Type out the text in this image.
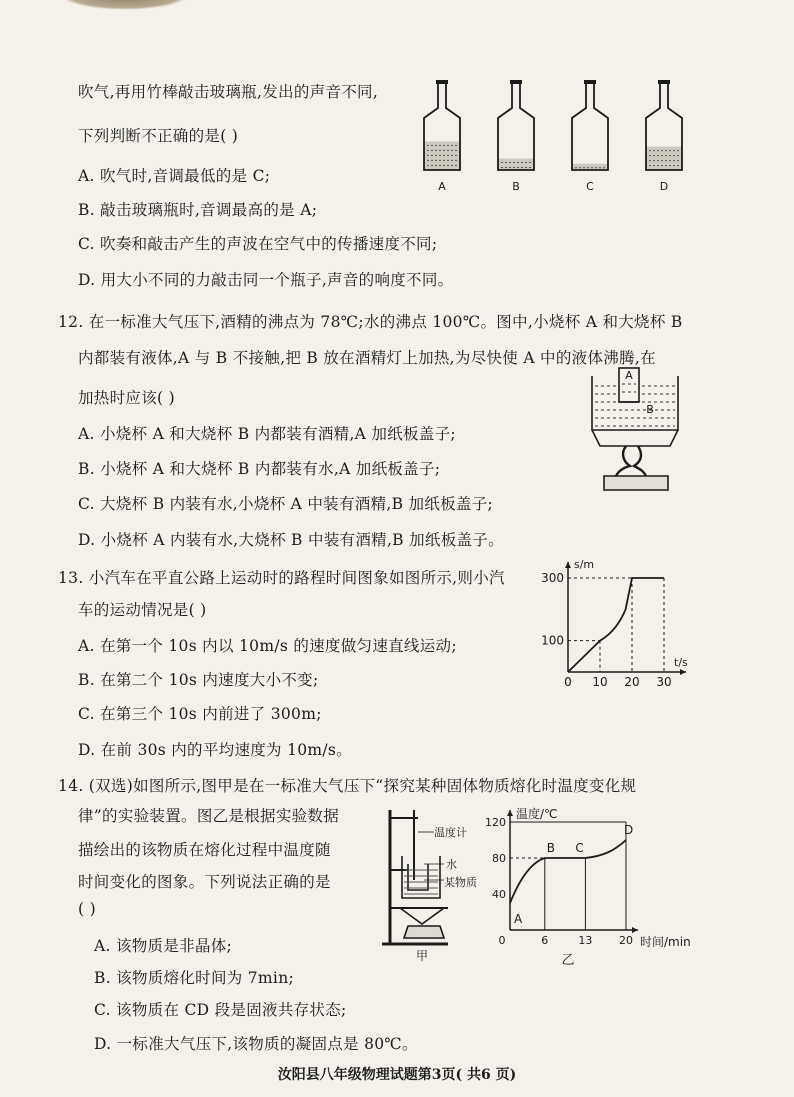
吹气,再用竹棒敲击玻璃瓶,发出的声音不同,
下列判断不正确的是( )
A. 吹气时,音调最低的是 C;
B. 敲击玻璃瓶时,音调最高的是 A;
C. 吹奏和敲击产生的声波在空气中的传播速度不同;
D. 用大小不同的力敲击同一个瓶子,声音的响度不同。
A	B	C	D
12. 在一标准大气压下,酒精的沸点为 78℃;水的沸点 100℃。图中,小烧杯 A 和大烧杯 B
内都装有液体,A 与 B 不接触,把 B 放在酒精灯上加热,为尽快使 A 中的液体沸腾,在
加热时应该( )
A. 小烧杯 A 和大烧杯 B 内都装有酒精,A 加纸板盖子;
B. 小烧杯 A 和大烧杯 B 内都装有水,A 加纸板盖子;
C. 大烧杯 B 内装有水,小烧杯 A 中装有酒精,B 加纸板盖子;
D. 小烧杯 A 内装有水,大烧杯 B 中装有酒精,B 加纸板盖子。
A
B
13. 小汽车在平直公路上运动时的路程时间图象如图所示,则小汽
车的运动情况是( )
A. 在第一个 10s 内以 10m/s 的速度做匀速直线运动;
B. 在第二个 10s 内速度大小不变;
C. 在第三个 10s 内前进了 300m;
D. 在前 30s 内的平均速度为 10m/s。
s/m
t/s
0 10 20 30
100
300
14. (双选)如图所示,图甲是在一标准大气压下“探究某种固体物质熔化时温度变化规
律”的实验装置。图乙是根据实验数据
描绘出的该物质在熔化过程中温度随
时间变化的图象。下列说法正确的是
( )
A. 该物质是非晶体;
B. 该物质熔化时间为 7min;
C. 该物质在 CD 段是固液共存状态;
D. 一标准大气压下,该物质的凝固点是 80℃。
温度计
水
某物质
甲
温度/℃
时间/min
0	6	13 20
40
80
120
A
B C
D
乙
汝阳县八年级物理试题第3页( 共6 页)
